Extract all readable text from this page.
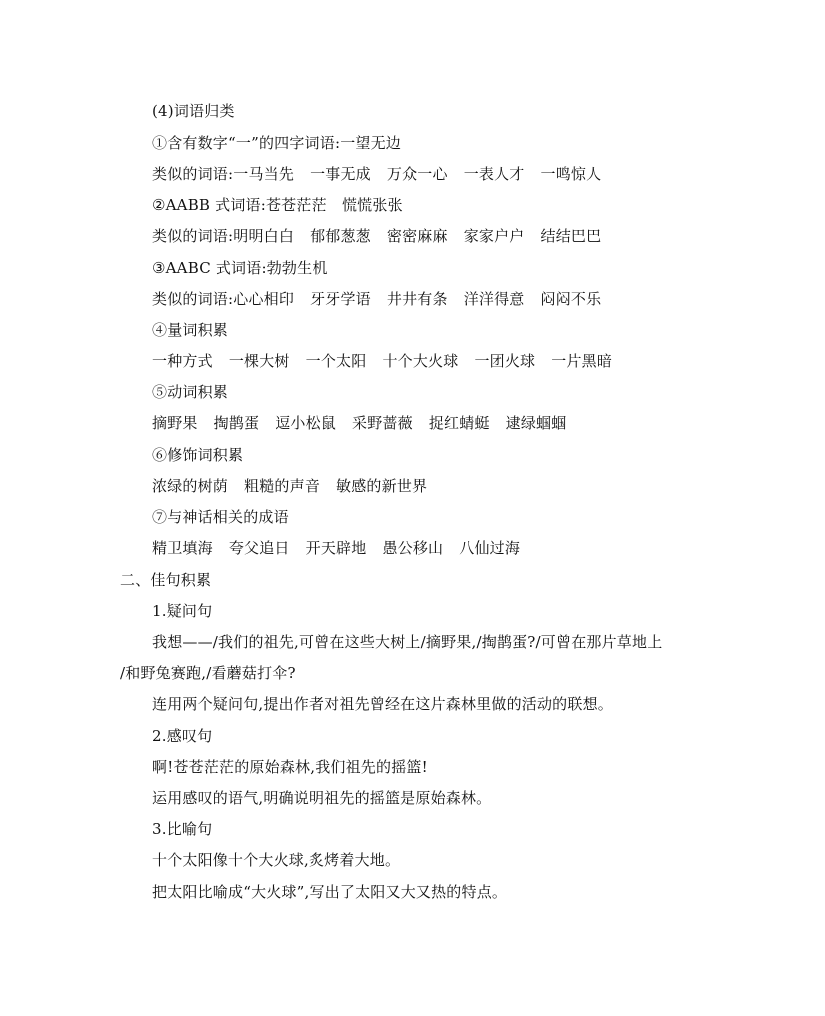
(4)词语归类
①含有数字“一”的四字词语:一望无边
类似的词语:一马当先 一事无成 万众一心 一表人才 一鸣惊人
②AABB 式词语:苍苍茫茫　慌慌张张
类似的词语:明明白白 郁郁葱葱 密密麻麻 家家户户 结结巴巴
③AABC 式词语:勃勃生机
类似的词语:心心相印 牙牙学语 井井有条 洋洋得意 闷闷不乐
④量词积累
一种方式 一棵大树 一个太阳 十个大火球 一团火球 一片黑暗
⑤动词积累
摘野果 掏鹊蛋 逗小松鼠 采野蔷薇 捉红蜻蜓 逮绿蝈蝈
⑥修饰词积累
浓绿的树荫 粗糙的声音 敏感的新世界
⑦与神话相关的成语
精卫填海 夸父追日 开天辟地 愚公移山 八仙过海
二、佳句积累
1.疑问句
我想——/我们的祖先,可曾在这些大树上/摘野果,/掏鹊蛋?/可曾在那片草地上
/和野兔赛跑,/看蘑菇打伞?
连用两个疑问句,提出作者对祖先曾经在这片森林里做的活动的联想。
2.感叹句
啊!苍苍茫茫的原始森林,我们祖先的摇篮!
运用感叹的语气,明确说明祖先的摇篮是原始森林。
3.比喻句
十个太阳像十个大火球,炙烤着大地。
把太阳比喻成“大火球”,写出了太阳又大又热的特点。
